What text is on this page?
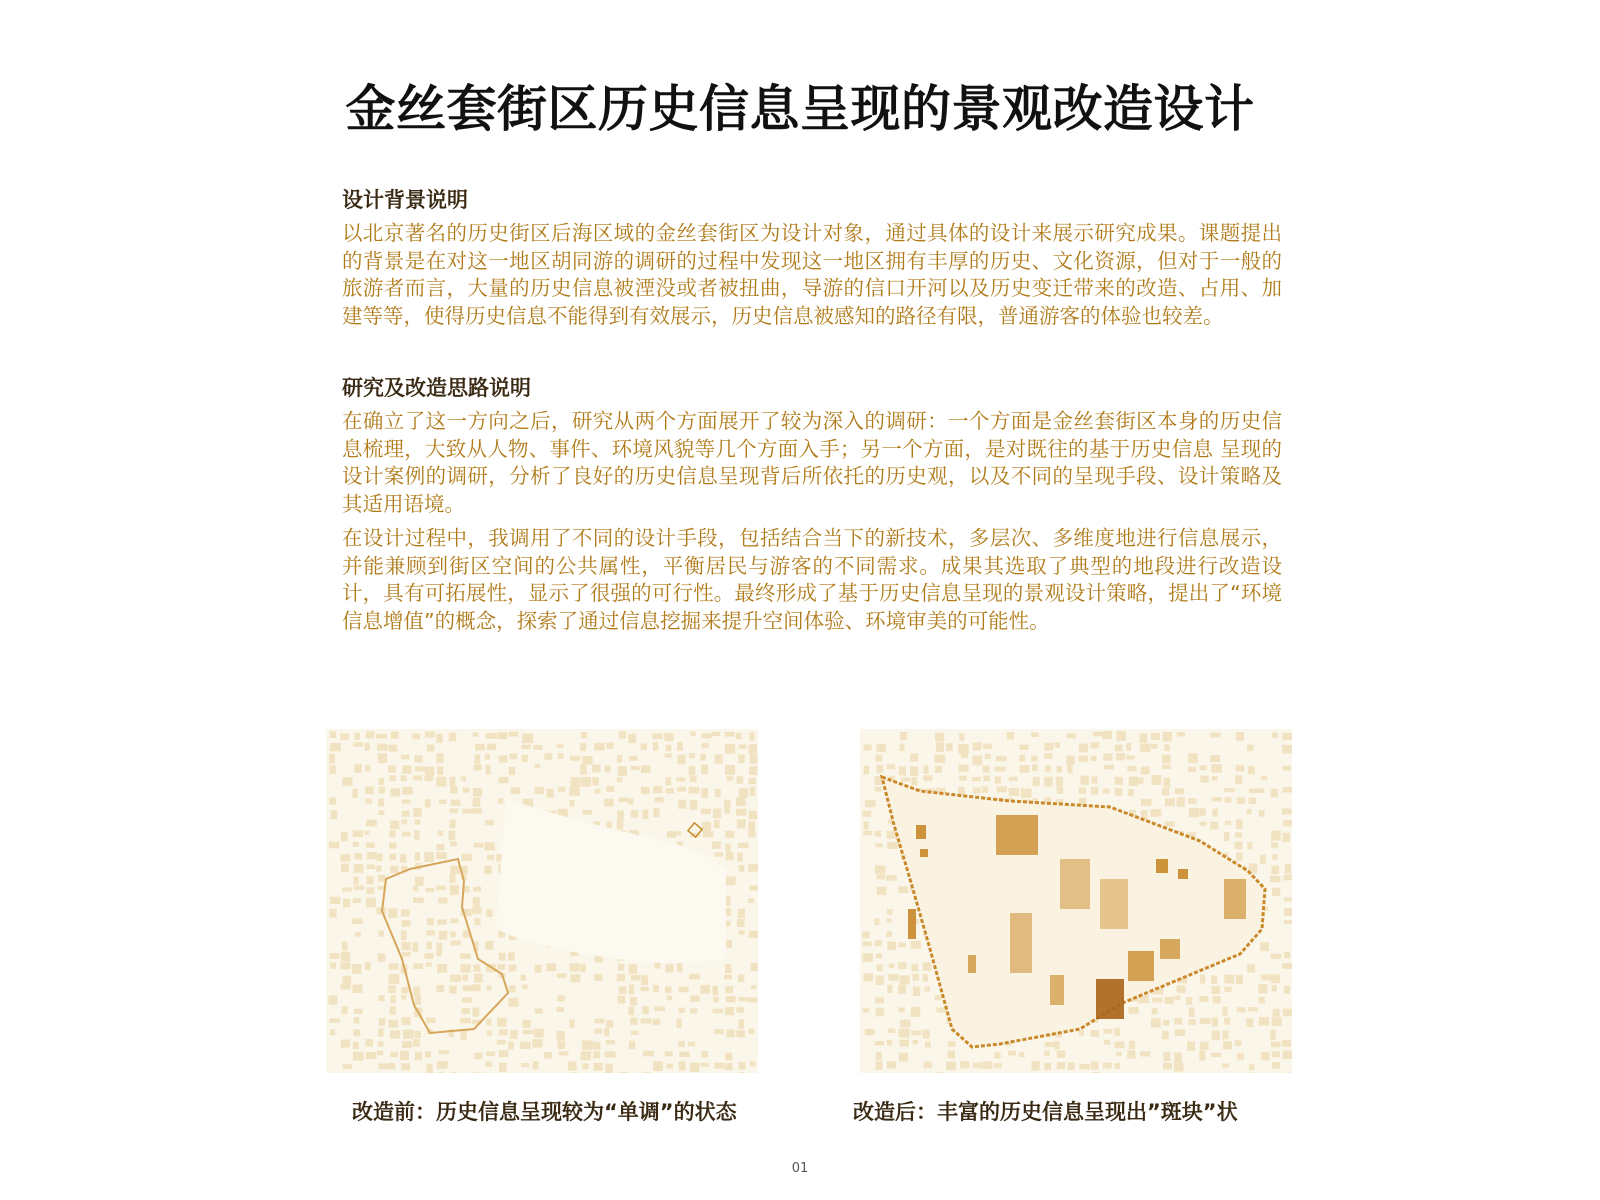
金丝套街区历史信息呈现的景观改造设计
设计背景说明

以北京著名的历史街区后海区域的金丝套街区为设计对象，通过具体的设计来展示研究成果。课题提出的背景是在对这一地区胡同游的调研的过程中发现这一地区拥有丰厚的历史、文化资源，但对于一般的旅游者而言，大量的历史信息被湮没或者被扭曲，导游的信口开河以及历史变迁带来的改造、占用、加建等等，使得历史信息不能得到有效展示，历史信息被感知的路径有限，普通游客的体验也较差。

研究及改造思路说明

在确立了这一方向之后，研究从两个方面展开了较为深入的调研：一个方面是金丝套街区本身的历史信息梳理，大致从人物、事件、环境风貌等几个方面入手；另一个方面，是对既往的基于历史信息 呈现的设计案例的调研，分析了良好的历史信息呈现背后所依托的历史观，以及不同的呈现手段、设计策略及其适用语境。

在设计过程中，我调用了不同的设计手段，包括结合当下的新技术，多层次、多维度地进行信息展示，并能兼顾到街区空间的公共属性，平衡居民与游客的不同需求。成果其选取了典型的地段进行改造设计，具有可拓展性，显示了很强的可行性。最终形成了基于历史信息呈现的景观设计策略，提出了“环境信息增值”的概念，探索了通过信息挖掘来提升空间体验、环境审美的可能性。

改造前：历史信息呈现较为“单调”的状态	改造后：丰富的历史信息呈现出”斑块”状
01
